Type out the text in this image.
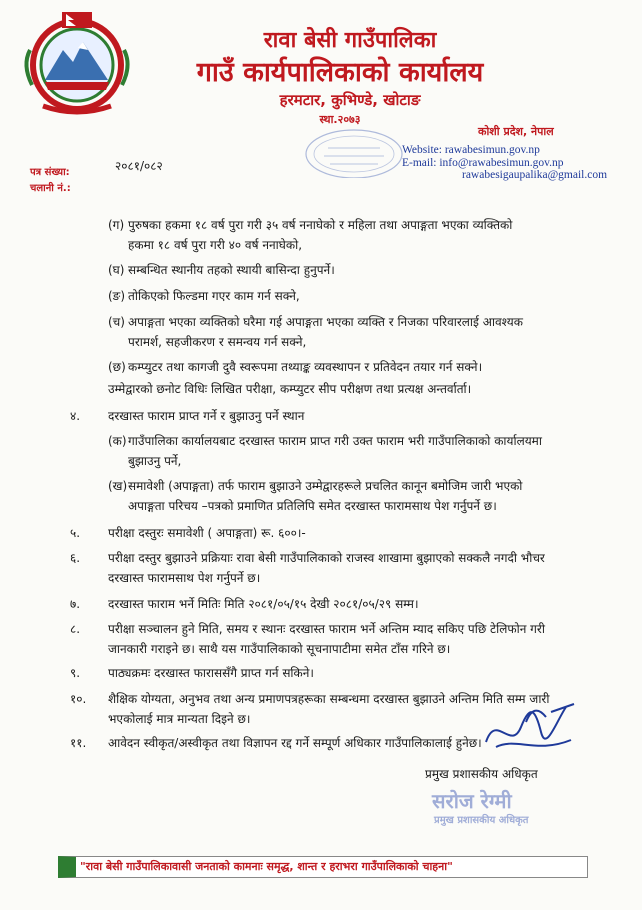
रावा बेसी गाउँपालिका
गाउँ कार्यपालिकाको कार्यालय
हरमटार, कुभिण्डे, खोटाङ
स्था.२०७३
कोशी प्रदेश, नेपाल
Website: rawabesimun.gov.np
E-mail: info@rawabesimun.gov.np
rawabesigaupalika@gmail.com
पत्र संख्या:	२०८१/०८२
चलानी नं.:
(ग) पुरुषका हकमा १८ वर्ष पुरा गरी ३५ वर्ष ननाघेको र महिला तथा अपाङ्गता भएका व्यक्तिको
हकमा १८ वर्ष पुरा गरी ४० वर्ष ननाघेको,
(घ) सम्बन्धित स्थानीय तहको स्थायी बासिन्दा हुनुपर्ने।
(ङ) तोकिएको फिल्डमा गएर काम गर्न सक्ने,
(च) अपाङ्गता भएका व्यक्तिको घरैमा गई अपाङ्गता भएका व्यक्ति र निजका परिवारलाई आवश्यक
परामर्श, सहजीकरण र समन्वय गर्न सक्ने,
(छ) कम्प्युटर तथा कागजी दुवै स्वरूपमा तथ्याङ्क व्यवस्थापन र प्रतिवेदन तयार गर्न सक्ने।
उम्मेद्वारको छनोट विधिः लिखित परीक्षा, कम्प्युटर सीप परीक्षण तथा प्रत्यक्ष अन्तर्वार्ता।
४. दरखास्त फाराम प्राप्त गर्ने र बुझाउनु पर्ने स्थान
(क) गाउँपालिका कार्यालयबाट दरखास्त फाराम प्राप्त गरी उक्त फाराम भरी गाउँपालिकाको कार्यालयमा
बुझाउनु पर्ने,
(ख) समावेशी (अपाङ्गता) तर्फ फाराम बुझाउने उम्मेद्वारहरूले प्रचलित कानून बमोजिम जारी भएको
अपाङ्गता परिचय –पत्रको प्रमाणित प्रतिलिपि समेत दरखास्त फारामसाथ पेश गर्नुपर्ने छ।
५. परीक्षा दस्तुरः समावेशी ( अपाङ्गता) रू. ६००।-
६. परीक्षा दस्तुर बुझाउने प्रक्रियाः रावा बेसी गाउँपालिकाको राजस्व शाखामा बुझाएको सक्कलै नगदी भौचर
दरखास्त फारामसाथ पेश गर्नुपर्ने छ।
७. दरखास्त फाराम भर्ने मितिः मिति २०८१/०५/१५ देखी २०८१/०५/२९ सम्म।
८. परीक्षा सञ्चालन हुने मिति, समय र स्थानः दरखास्त फाराम भर्ने अन्तिम म्याद सकिए पछि टेलिफोन गरी
जानकारी गराइने छ। साथै यस गाउँपालिकाको सूचनापाटीमा समेत टाँस गरिने छ।
९. पाठ्यक्रमः दरखास्त फाराससँगै प्राप्त गर्न सकिने।
१०. शैक्षिक योग्यता, अनुभव तथा अन्य प्रमाणपत्रहरूका सम्बन्धमा दरखास्त बुझाउने अन्तिम मिति सम्म जारी
भएकोलाई मात्र मान्यता दिइने छ।
११. आवेदन स्वीकृत/अस्वीकृत तथा विज्ञापन रद्द गर्ने सम्पूर्ण अधिकार गाउँपालिकालाई हुनेछ।
प्रमुख प्रशासकीय अधिकृत
सरोज रेग्मी
प्रमुख प्रशासकीय अधिकृत
"रावा बेसी गाउँपालिकावासी जनताको कामनाः समृद्ध, शान्त र हराभरा गाउँपालिकाको चाहना"
